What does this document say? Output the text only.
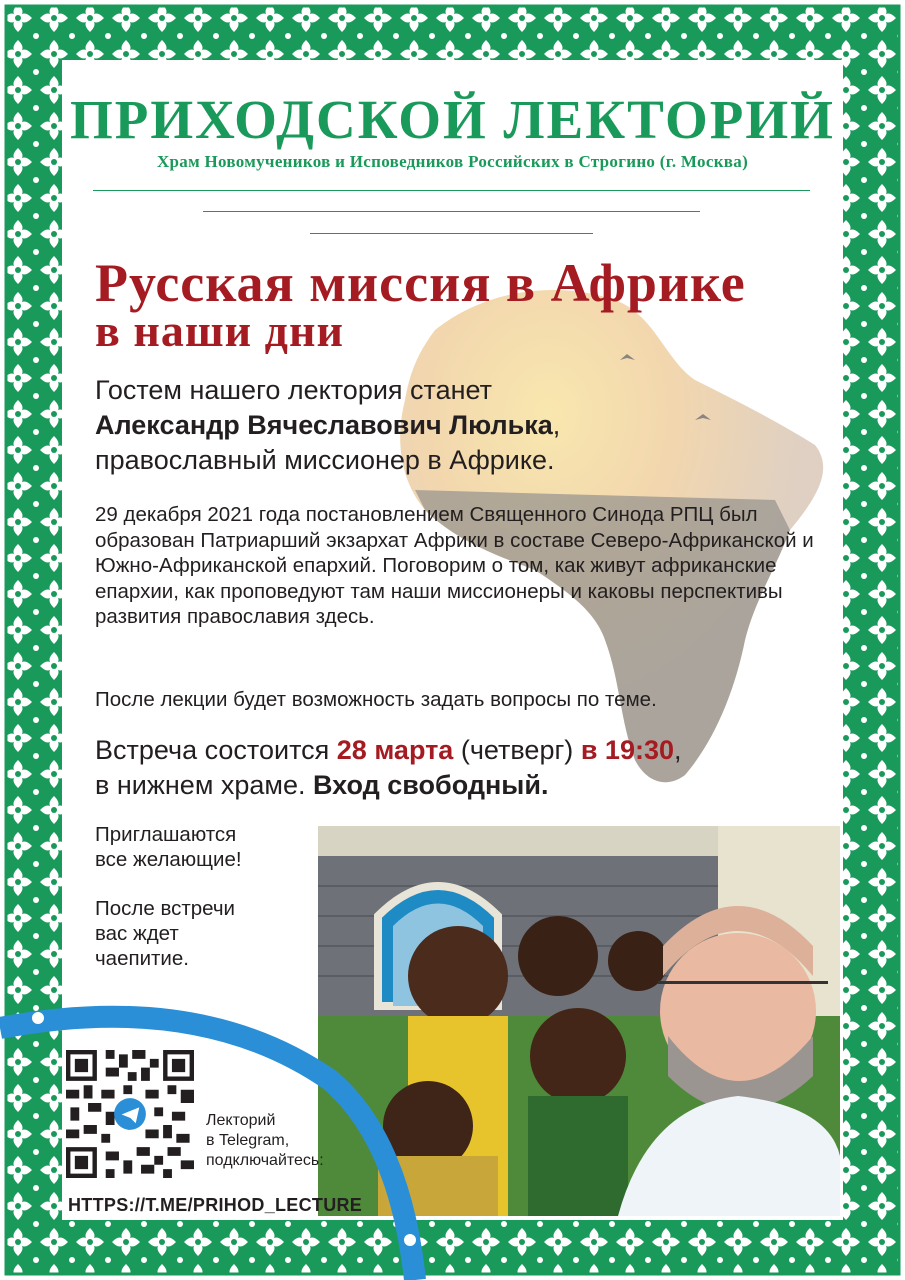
ПРИХОДСКОЙ ЛЕКТОРИЙ
Храм Новомучеников и Исповедников Российских в Строгино (г. Москва)
Русская миссия в Африке
в наши дни
Гостем нашего лектория станет
Александр Вячеславович Люлька,
православный миссионер в Африке.
29 декабря 2021 года постановлением Священного Синода РПЦ был образован Патриарший экзархат Африки в составе Северо-Африканской и Южно-Африканской епархий. Поговорим о том, как живут африканские епархии, как проповедуют там наши миссионеры и каковы перспективы развития православия здесь.
После лекции будет возможность задать вопросы по теме.
Встреча состоится 28 марта (четверг) в 19:30,
в нижнем храме. Вход свободный.
Приглашаются
все желающие!
После встречи
вас ждет
чаепитие.
Лекторий
в Telegram,
подключайтесь:
HTTPS://T.ME/PRIHOD_LECTURE
